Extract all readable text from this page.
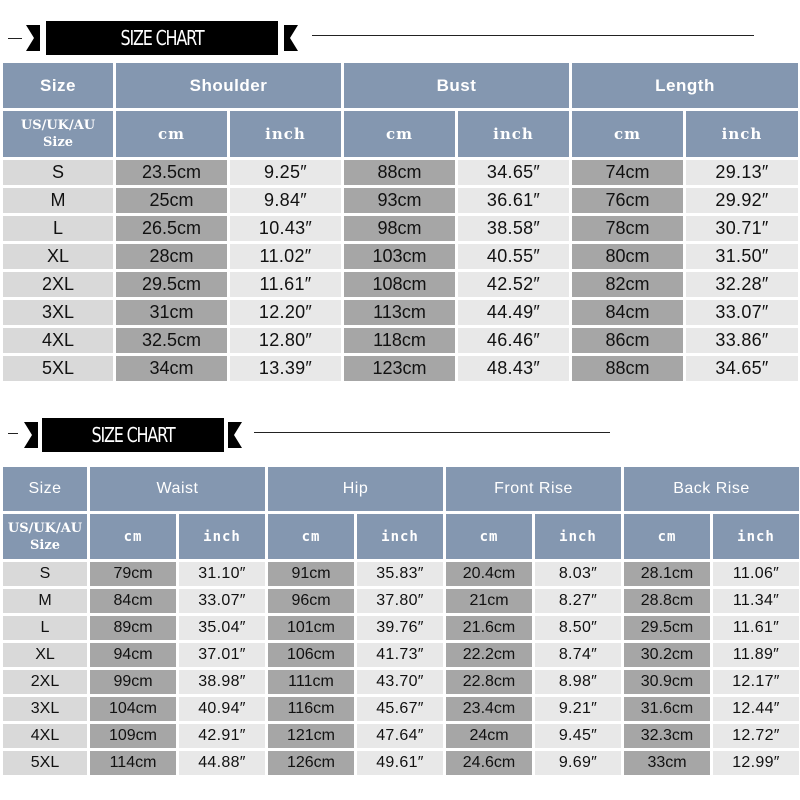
SIZE CHART
Size	Shoulder	Bust	Length
US/UK/AU
Size	cm	inch	cm	inch	cm	inch
S	23.5cm	9.25″	88cm	34.65″	74cm	29.13″
M	25cm	9.84″	93cm	36.61″	76cm	29.92″
L	26.5cm	10.43″	98cm	38.58″	78cm	30.71″
XL	28cm	11.02″	103cm	40.55″	80cm	31.50″
2XL	29.5cm	11.61″	108cm	42.52″	82cm	32.28″
3XL	31cm	12.20″	113cm	44.49″	84cm	33.07″
4XL	32.5cm	12.80″	118cm	46.46″	86cm	33.86″
5XL	34cm	13.39″	123cm	48.43″	88cm	34.65″
SIZE CHART
Size	Waist	Hip	Front Rise	Back Rise
US/UK/AU
Size
cm	inch	cm	inch	cm	inch	cm	inch
S	79cm	31.10″	91cm	35.83″	20.4cm	8.03″	28.1cm	11.06″
M	84cm	33.07″	96cm	37.80″	21cm	8.27″	28.8cm	11.34″
L	89cm	35.04″	101cm	39.76″	21.6cm	8.50″	29.5cm	11.61″
XL	94cm	37.01″	106cm	41.73″	22.2cm	8.74″	30.2cm	11.89″
2XL	99cm	38.98″	111cm	43.70″	22.8cm	8.98″	30.9cm	12.17″
3XL	104cm	40.94″	116cm	45.67″	23.4cm	9.21″	31.6cm	12.44″
4XL	109cm	42.91″	121cm	47.64″	24cm	9.45″	32.3cm	12.72″
5XL	114cm	44.88″	126cm	49.61″	24.6cm	9.69″	33cm	12.99″
